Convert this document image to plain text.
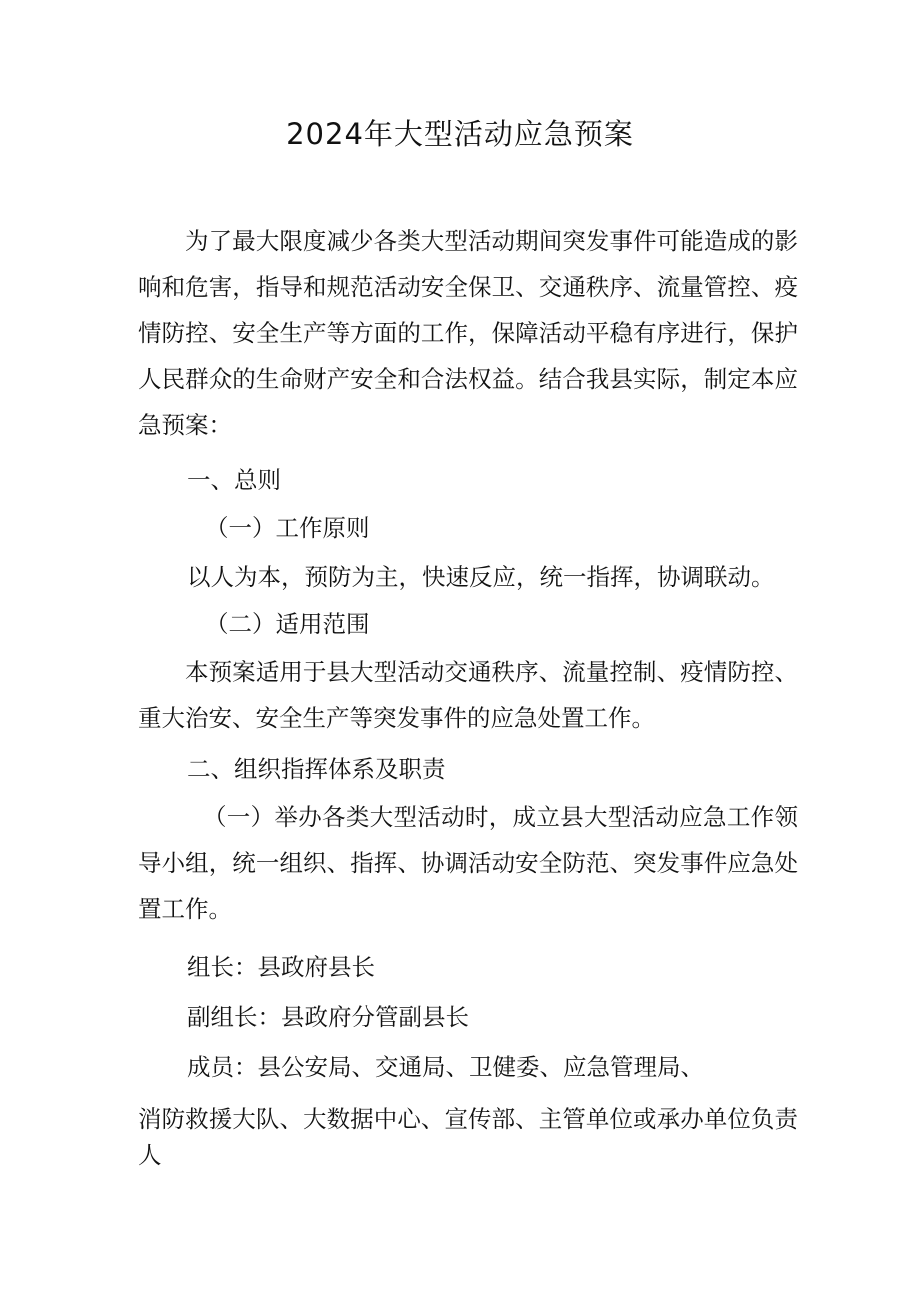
2024年大型活动应急预案
为了最大限度减少各类大型活动期间突发事件可能造成的影响和危害，指导和规范活动安全保卫、交通秩序、流量管控、疫情防控、安全生产等方面的工作，保障活动平稳有序进行，保护人民群众的生命财产安全和合法权益。结合我县实际，制定本应急预案：
一、总则
（一）工作原则
以人为本，预防为主，快速反应，统一指挥，协调联动。
（二）适用范围
本预案适用于县大型活动交通秩序、流量控制、疫情防控、重大治安、安全生产等突发事件的应急处置工作。
二、组织指挥体系及职责
（一）举办各类大型活动时，成立县大型活动应急工作领导小组，统一组织、指挥、协调活动安全防范、突发事件应急处置工作。
组长：县政府县长
副组长：县政府分管副县长
成员：县公安局、交通局、卫健委、应急管理局、
消防救援大队、大数据中心、宣传部、主管单位或承办单位负责人
